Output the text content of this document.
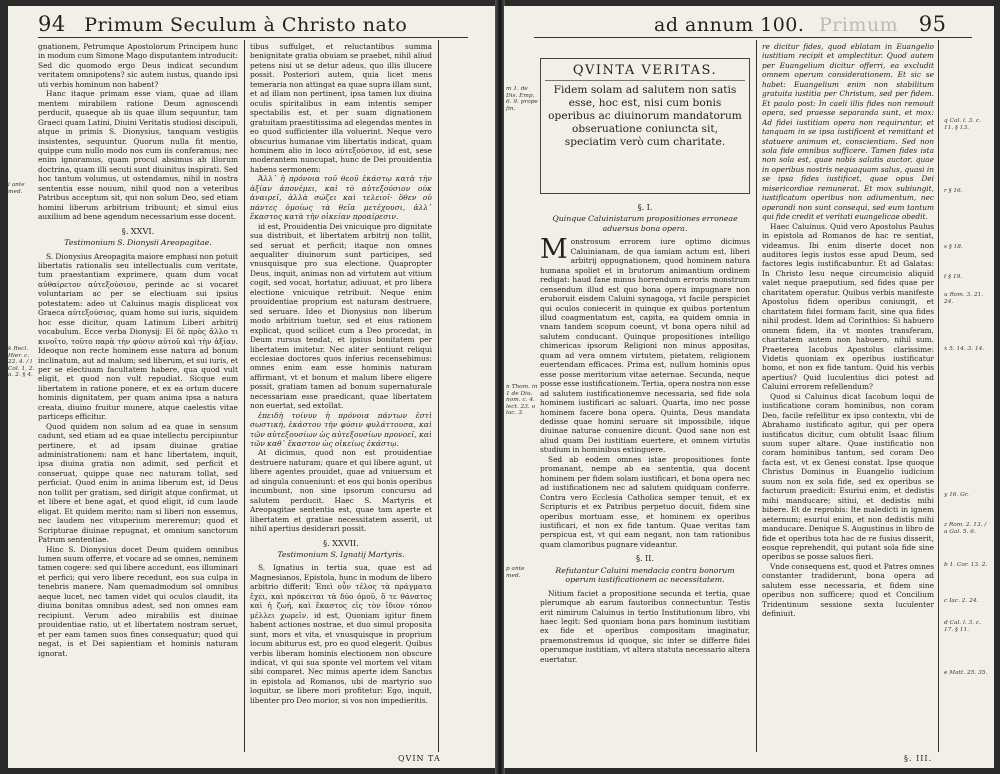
94 Primum Seculum à Christo nato

gnationem, Petrumque Apostolorum Principem hunc in modum cum Simone Mago disputantem introducit: Sed dic quomodo ergo Deus indicat secundum veritatem omnipotens? sic autem iustus, quando ipsi uti verbis hominum non habent?

Hanc itaque primam esse viam, quae ad illam mentem mirabilem ratione Deum agnoscendi perducit, quaeque ab iis quae illum sequuntur, tam Graeci quam Latini, Diuini Veritatis studiosi discipuli, atque in primis S. Dionysius, tanquam vestigiis insistentes, sequuntur. Quorum nulla fit mentio, quippe cum nullo modo nos cum iis conferamus; nec enim ignoramus, quam procul absimus ab illorum doctrina, quam illi secuti sunt diuinitus inspirati. Sed hoc tantum volumus, ut ostendamus, nihil in nostra sententia esse nouum, nihil quod non a veteribus Patribus acceptum sit, qui non solum Deo, sed etiam homini liberum arbitrium tribuunt; et simul eius auxilium ad bene agendum necessarium esse docent.

§. XXVI.
Testimonium S. Dionysii Areopagitae.

S. Dionysius Areopagita maiore emphasi non potuit libertatis rationalis seu intellectualis cum veritate, tum praestantiam exprimere, quam dum vocat αὐθαίρετον αὐτεξούσιον, perinde ac si vocaret voluntariam ac per se electiuam sui ipsius potestatem: adeo ut Caluinus magis displiceat vox Graeca αὐτεξούσιος, quam homo sui iuris, siquidem hoc esse dicitur, quam Latinum Liberi arbitrij vocabulum. Ecce verba Dionysij: Εἰ δὲ πρὸς ἄλλο τι κινοῖτο, τοῦτο παρὰ τὴν φύσιν αὐτοῦ καὶ τὴν ἀξίαν. Ideoque non recte hominem esse natura ad bonum inclinatum, aut ad malum; sed liberum, et sui iuris, et per se electiuam facultatem habere, qua quod vult eligit, et quod non vult repudiat. Sicque eum libertatem in ratione ponere, et ex ea ortum ducere hominis dignitatem, per quam anima ipsa a natura creata, diuino fruitur munere, atque caelestis vitae particeps efficitur.

Quod quidem non solum ad ea quae in sensum cadunt, sed etiam ad ea quae intellectu percipiuntur pertinere, et ad ipsam diuinae gratiae administrationem: nam et hanc libertatem, inquit, ipsa diuina gratia non adimit, sed perficit et conseruat, quippe quae nec naturam tollat, sed perficiat. Quod enim in anima liberum est, id Deus non tollit per gratiam, sed dirigit atque confirmat, ut et libere et bene agat, et quod eligit, id cum laude eligat. Et quidem merito; nam si liberi non essemus, nec laudem nec vituperium mereremur; quod et Scripturae diuinae repugnat, et omnium sanctorum Patrum sententiae.

Hinc S. Dionysius docet Deum quidem omnibus lumen suum offerre, et vocare ad se omnes, neminem tamen cogere: sed qui libere accedunt, eos illuminari et perfici; qui vero libere recedunt, eos sua culpa in tenebris manere. Nam quemadmodum sol omnibus aeque lucet, nec tamen videt qui oculos claudit, ita diuina bonitas omnibus adest, sed non omnes eam recipiunt. Verum adeo mirabilis est diuinae prouidentiae ratio, ut et libertatem nostram seruet, et per eam tamen suos fines consequatur; quod qui negat, is et Dei sapientiam et hominis naturam ignorat.

tibus suffulget, et reluctantibus summa benignitate gratia obuiam se praebet, nihil aliud petens nisi ut se detur adeus, quo illis illucere possit. Posteriori autem, quia licet mens temeraria non attingat ea quae supra illam sunt, et ad illam non pertinent, ipsa tamen lux diuina oculis spiritalibus in eam intentis semper spectabilis est, et per suam dignationem gratuitam praestitissima ad elegendas mentes in eo quod sufficienter illa voluerint. Neque vero obscurius humanae vim libertatis indicat, quam hominem alio in loco αὐτεξούσιον, id est, sese moderantem nuncupat, hunc de Dei prouidentia habens sermonem:

Ἀλλ᾽ ἡ πρόνοια τοῦ θεοῦ ἑκάστῳ κατὰ τὴν ἀξίαν ἀπονέμει, καὶ τὸ αὐτεξούσιον οὐκ ἀναιρεῖ, ἀλλὰ σώζει καὶ τελειοῖ· ὅθεν οὐ πάντες ὁμοίως τὰ θεῖα μετέχουσι, ἀλλ᾽ ἕκαστος κατὰ τὴν οἰκείαν προαίρεσιν.

id est, Prouidentia Dei vnicuique pro dignitate sua distribuit, et libertatem arbitrij non tollit, sed seruat et perficit; itaque non omnes aequaliter diuinorum sunt participes, sed vnusquisque pro sua electione. Quapropter Deus, inquit, animas non ad virtutem aut vitium cogit, sed vocat, hortatur, adiuuat, et pro libera electione vnicuique retribuit. Neque enim prouidentiae proprium est naturam destruere, sed seruare. Ideo et Dionysius non liberum modo arbitrium tuetur, sed et eius rationem explicat, quod scilicet cum a Deo procedat, in Deum rursus tendat, et ipsius bonitatem per libertatem imitetur. Nec aliter sentiunt reliqui ecclesiae doctores quos inferius recensebimus: omnes enim eam esse hominis naturam affirmant, vt et bonum et malum libere eligere possit, gratiam tamen ad bonum supernaturale necessariam esse praedicant, quae libertatem non euertat, sed extollat.

ἐπειδὴ τοίνυν ἡ πρόνοια πάντων ἐστὶ σωστική, ἑκάστου τὴν φύσιν φυλάττουσα, καὶ τῶν αὐτεξουσίων ὡς αὐτεξουσίων προνοεῖ, καὶ τῶν καθ᾽ ἕκαστον ὡς οἰκείως ἑκάστῳ.

At dicimus, quod non est prouidentiae destruere naturam; quare et qui libere agunt, ut libere agentes prouidet, quae ad vniuersum et ad singula conueniunt: et eos qui bonis operibus incumbunt, non sine ipsorum concursu ad salutem perducit. Haec S. Martyris et Areopagitae sententia est, quae tam aperte et libertatem et gratiae necessitatem asserit, ut nihil apertius desiderari possit.

§. XXVII.
Testimonium S. Ignatij Martyris.

S. Ignatius in tertia sua, quae est ad Magnesianos, Epistola, hunc in modum de libero arbitrio differit: Ἐπεὶ οὖν τέλος τὰ πράγματα ἔχει, καὶ πρόκειται τὰ δύο ὁμοῦ, ὅ τε θάνατος καὶ ἡ ζωή, καὶ ἕκαστος εἰς τὸν ἴδιον τόπον μέλλει χωρεῖν. id est, Quoniam igitur finem habent actiones nostrae, et duo simul proposita sunt, mors et vita, et vnusquisque in proprium locum abiturus est, pro eo quod elegerit. Quibus verbis liberam hominis electionem non obscure indicat, vt qui sua sponte vel mortem vel vitam sibi comparet. Nec minus aperte idem Sanctus in epistola ad Romanos, ubi de martyrio suo loquitur, se libere mori profitetur: Ego, inquit, libenter pro Deo morior, si vos non impedieritis.

i ante med.
k Recl. Hier. c. 22. 4. / l Col. 1, 2. a. 2. § 4.
QVIN TA
ad annum 100. Primum 95
QVINTA VERITAS.
Fidem solam ad salutem non satis esse, hoc est, nisi cum bonis operibus ac diuinorum mandatorum obseruatione coniuncta sit, speciatim verò cum charitate.
§. I.
Quinque Caluinistarum propositiones erroneae aduersus bona opera.

Monstrosum errorem iure optimo dicimus Caluinianam, de qua iamiam actum est, liberi arbitrij oppugnationem, quod hominem natura humana spoliet et in brutorum animantium ordinem redigat: haud fane minus horrendum erroris monstrum censendum illud est quo bona opera impugnare non eruboruit eisdem Caluini synagoga, vt facile perspiciet qui oculos coniecerit in quinque ex quibus portentum illud coagmentatum est, capita, ea quidem omnia in vnam tandem scopum coeunt, vt bona opera nihil ad salutem conducant. Quinque propositiones intelligo chimericas ipsorum Religioni non minus appositas, quam ad vera omnem virtutem, pietatem, religionem euertendam efficaces. Prima est, nullum hominis opus esse posse meritorium vitae aeternae. Secunda, neque posse esse iustificationem. Tertia, opera nostra non esse ad salutem iustificationemve necessaria, sed fide sola hominem iustificari ac saluari. Quarta, imo nec posse hominem facere bona opera. Quinta, Deus mandata dedisse quae homini seruare sit impossibile, idque diuinae naturae conuenire dicunt. Quod sane non est aliud quam Dei iustitiam euertere, et omnem virtutis studium in hominibus extinguere.

Sed ab eodem omnes istae propositiones fonte promanant, nempe ab ea sententia, qua docent hominem per fidem solam iustificari, et bona opera nec ad iustificationem nec ad salutem quidquam conferre. Contra vero Ecclesia Catholica semper tenuit, et ex Scripturis et ex Patribus perpetuo docuit, fidem sine operibus mortuam esse, et hominem ex operibus iustificari, et non ex fide tantum. Quae veritas tam perspicua est, vt qui eam negant, non tam rationibus quam clamoribus pugnare videantur.

§. II.
Refutantur Caluini mendacia contra bonorum operum iustificationem ac necessitatem.

Nitium faciet a propositione secunda et tertia, quae plerumque ab earum fautoribus connectuntur. Testis erit nimirum Caluinus in tertio Institutionum libro, vbi haec legit: Sed quoniam bona pars hominum iustitiam ex fide et operibus compositam imaginatur, praemonstremus id quoque, sic inter se differre fidei operumque iustitiam, vt altera statuta necessario altera euertatur.

re dicitur fides, quod eblatam in Euangelio iustitiam recipit et amplectitur. Quod autem per Euangelium dicitur offerri, ea excludit omnem operum considerationem. Et sic se habet: Euangelium enim non stabilitum gratuita iustitia per Christum, sed per fidem. Et paulo post: In caeli illis fides non remouit opera, sed praesse separanda sunt, et mox: Ad fidei iustitiam opera non requiruntur, et tanquam in se ipsa iustificent et remittant et statuere animum et, conscientiam. Sed non sola fide omnibus sufficere. Tamen fides ista non sola est, quae nobis salutis auctor, quae in operibus nostris nequaquam salus, quasi in se ipsa fides iustificet, quae opus Dei misericordiae remunerat. Et mox subiungit, iustificatum operibus non adiumentum, nec operandi non sunt consequi, sed eum tantum qui fide credit et veritati euangelicae obedit.

Haec Caluinus. Quid vero Apostolus Paulus in epistola ad Romanos de hac re sentiat, videamus. Ibi enim diserte docet non auditores legis iustos esse apud Deum, sed factores legis iustificabuntur. Et ad Galatas: In Christo Iesu neque circumcisio aliquid valet neque praeputium, sed fides quae per charitatem operatur. Quibus verbis manifeste Apostolus fidem operibus coniungit, et charitatem fidei formam facit, sine qua fides nihil prodest. Idem ad Corinthios: Si habuero omnem fidem, ita vt montes transferam, charitatem autem non habuero, nihil sum. Praeterea Iacobus Apostolus clarissime: Videtis quoniam ex operibus iustificatur homo, et non ex fide tantum. Quid his verbis apertius? Quid luculentius dici potest ad Caluini errorem refellendum?

Quod si Caluinus dicat Iacobum loqui de iustificatione coram hominibus, non coram Deo, facile refellitur ex ipso contextu, vbi de Abrahamo iustificato agitur, qui per opera iustificatus dicitur, cum obtulit Isaac filium suum super altare. Quae iustificatio non coram hominibus tantum, sed coram Deo facta est, vt ex Genesi constat. Ipse quoque Christus Dominus in Euangelio iudicium suum non ex sola fide, sed ex operibus se facturum praedicit: Esuriui enim, et dedistis mihi manducare; sitiui, et dedistis mihi bibere. Et de reprobis: Ite maledicti in ignem aeternum; esuriui enim, et non dedistis mihi manducare. Denique S. Augustinus in libro de fide et operibus tota hac de re fusius disserit, eosque reprehendit, qui putant sola fide sine operibus se posse saluos fieri.

Vnde consequens est, quod et Patres omnes constanter tradiderunt, bona opera ad salutem esse necessaria, et fidem sine operibus non sufficere; quod et Concilium Tridentinum sessione sexta luculenter definiuit.

m 1. de Dis. Emp. 6. 9. prope fin.
n Thom. in 1 de Diu. nom. c. 4. lect. 23. o lac. 3.
p ante med.
q Cal. l. 3. c. 11. § 13.
r § 16.
s § 18.
t § 19.
u Rom. 3. 21. 24.
x 5. 14. 3. 14.
y 16. Gr.
z Rom. 2. 13. / a Gal. 5. 6.
b 1. Cor. 13. 2.
c Iac. 2. 24.
d Cal. l. 3. c. 17. § 11.
e Matt. 25. 35.
§. III.
